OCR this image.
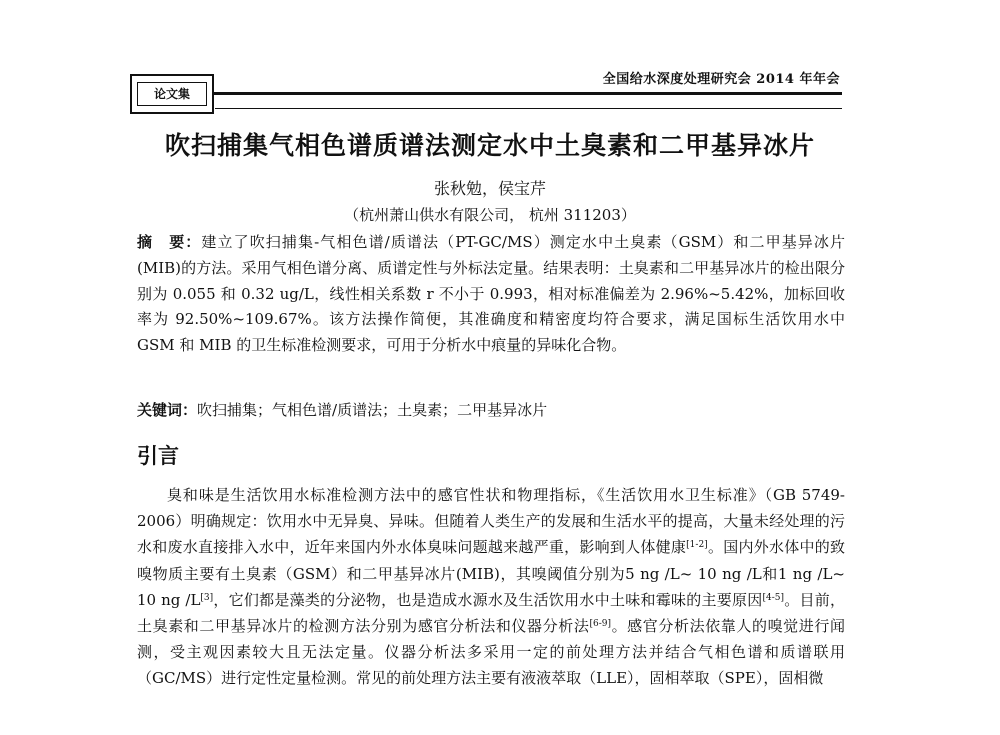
全国给水深度处理研究会 2014 年年会
论文集
吹扫捕集气相色谱质谱法测定水中土臭素和二甲基异冰片
张秋勉，侯宝芹
（杭州萧山供水有限公司， 杭州 311203）
摘　要：建立了吹扫捕集-气相色谱/质谱法（PT-GC/MS）测定水中土臭素（GSM）和二甲基异冰片(MIB)的方法。采用气相色谱分离、质谱定性与外标法定量。结果表明：土臭素和二甲基异冰片的检出限分别为 0.055 和 0.32 ug/L，线性相关系数 r 不小于 0.993，相对标准偏差为 2.96%~5.42%，加标回收率为 92.50%~109.67%。该方法操作简便，其准确度和精密度均符合要求，满足国标生活饮用水中 GSM 和 MIB 的卫生标准检测要求，可用于分析水中痕量的异味化合物。
关键词：吹扫捕集；气相色谱/质谱法；土臭素；二甲基异冰片
引言
臭和味是生活饮用水标准检测方法中的感官性状和物理指标，《生活饮用水卫生标准》（GB 5749-2006）明确规定：饮用水中无异臭、异味。但随着人类生产的发展和生活水平的提高，大量未经处理的污水和废水直接排入水中，近年来国内外水体臭味问题越来越严重，影响到人体健康[1-2]。国内外水体中的致嗅物质主要有土臭素（GSM）和二甲基异冰片(MIB)，其嗅阈值分别为5 ng /L~ 10 ng /L和1 ng /L~ 10 ng /L[3]，它们都是藻类的分泌物，也是造成水源水及生活饮用水中土味和霉味的主要原因[4-5]。目前，土臭素和二甲基异冰片的检测方法分别为感官分析法和仪器分析法[6-9]。感官分析法依靠人的嗅觉进行闻测，受主观因素较大且无法定量。仪器分析法多采用一定的前处理方法并结合气相色谱和质谱联用（GC/MS）进行定性定量检测。常见的前处理方法主要有液液萃取（LLE），固相萃取（SPE），固相微
